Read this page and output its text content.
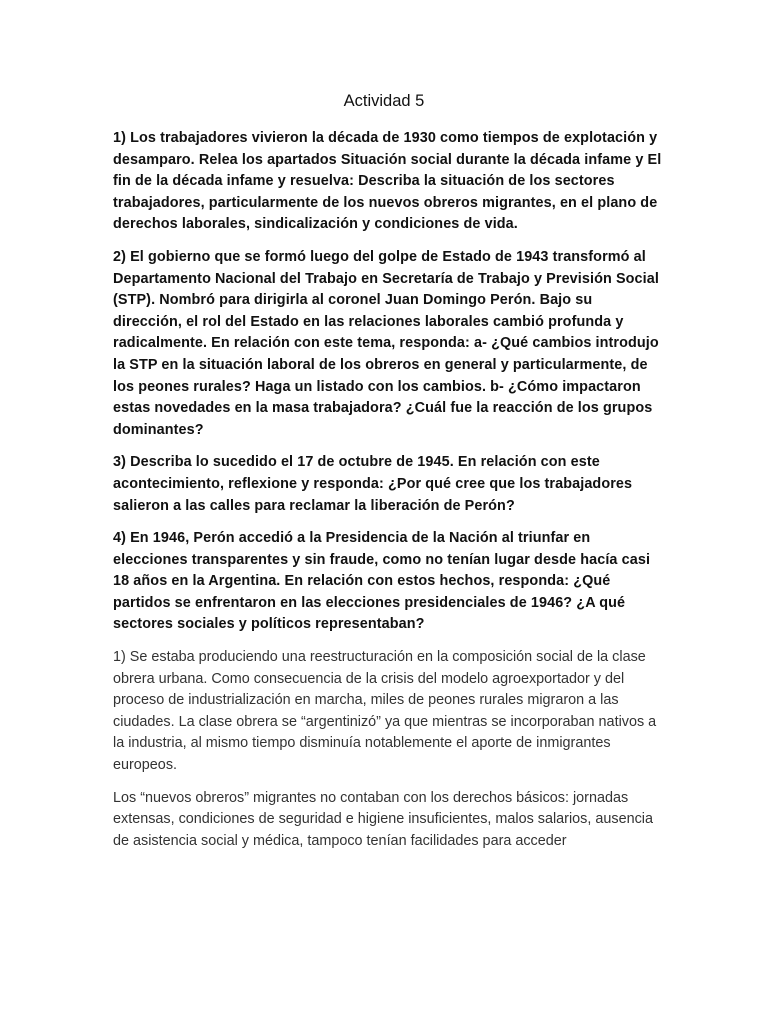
Actividad 5

1) Los trabajadores vivieron la década de 1930 como tiempos de explotación y desamparo. Relea los apartados Situación social durante la década infame y El fin de la década infame y resuelva: Describa la situación de los sectores trabajadores, particularmente de los nuevos obreros migrantes, en el plano de derechos laborales, sindicalización y condiciones de vida.

2) El gobierno que se formó luego del golpe de Estado de 1943 transformó al Departamento Nacional del Trabajo en Secretaría de Trabajo y Previsión Social (STP). Nombró para dirigirla al coronel Juan Domingo Perón. Bajo su dirección, el rol del Estado en las relaciones laborales cambió profunda y radicalmente. En relación con este tema, responda: a- ¿Qué cambios introdujo la STP en la situación laboral de los obreros en general y particularmente, de los peones rurales? Haga un listado con los cambios. b- ¿Cómo impactaron estas novedades en la masa trabajadora? ¿Cuál fue la reacción de los grupos dominantes?

3) Describa lo sucedido el 17 de octubre de 1945. En relación con este acontecimiento, reflexione y responda: ¿Por qué cree que los trabajadores salieron a las calles para reclamar la liberación de Perón?

4) En 1946, Perón accedió a la Presidencia de la Nación al triunfar en elecciones transparentes y sin fraude, como no tenían lugar desde hacía casi 18 años en la Argentina. En relación con estos hechos, responda: ¿Qué partidos se enfrentaron en las elecciones presidenciales de 1946? ¿A qué sectores sociales y políticos representaban?

1) Se estaba produciendo una reestructuración en la composición social de la clase obrera urbana. Como consecuencia de la crisis del modelo agroexportador y del proceso de industrialización en marcha, miles de peones rurales migraron a las ciudades. La clase obrera se “argentinizó” ya que mientras se incorporaban nativos a la industria, al mismo tiempo disminuía notablemente el aporte de inmigrantes europeos.

Los “nuevos obreros” migrantes no contaban con los derechos básicos: jornadas extensas, condiciones de seguridad e higiene insuficientes, malos salarios, ausencia de asistencia social y médica, tampoco tenían facilidades para acceder
